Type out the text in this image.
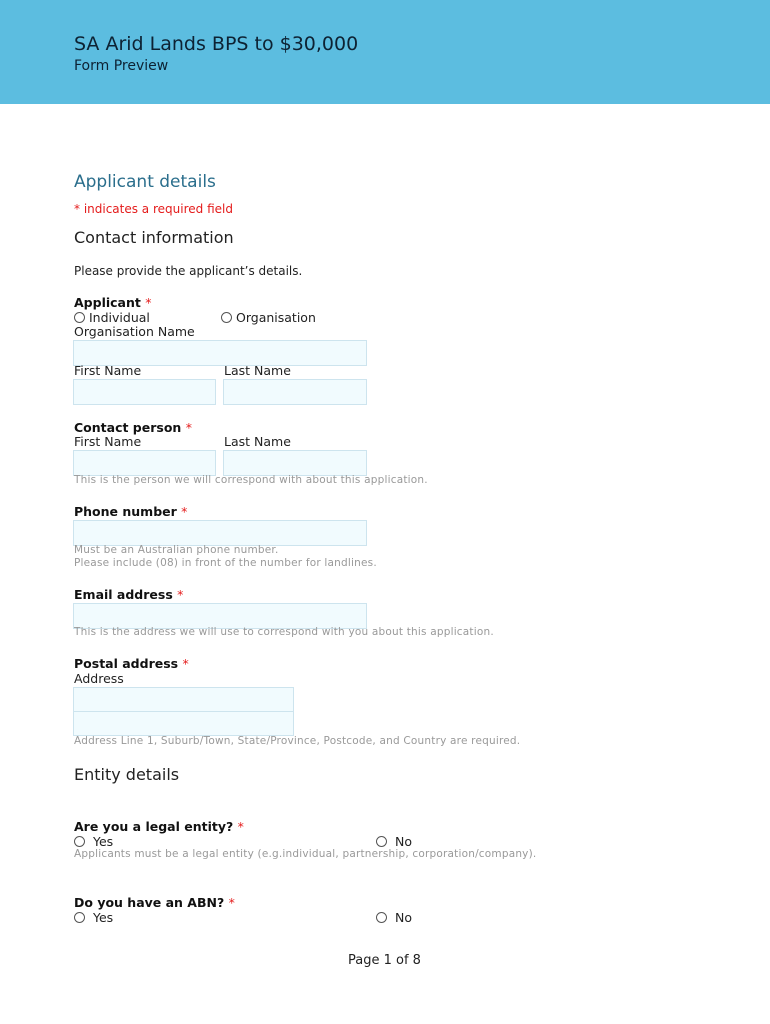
SA Arid Lands BPS to $30,000
Form Preview
Applicant details
* indicates a required field
Contact information
Please provide the applicant’s details.
Applicant *
Individual	Organisation
Organisation Name
First Name	Last Name
Contact person *
First Name	Last Name
This is the person we will correspond with about this application.
Phone number *
Must be an Australian phone number.
Please include (08) in front of the number for landlines.
Email address *
This is the address we will use to correspond with you about this application.
Postal address *
Address
Address Line 1, Suburb/Town, State/Province, Postcode, and Country are required.
Entity details
Are you a legal entity? *
Yes	No
Applicants must be a legal entity (e.g.individual, partnership, corporation/company).
Do you have an ABN? *
Yes	No
Page 1 of 8
